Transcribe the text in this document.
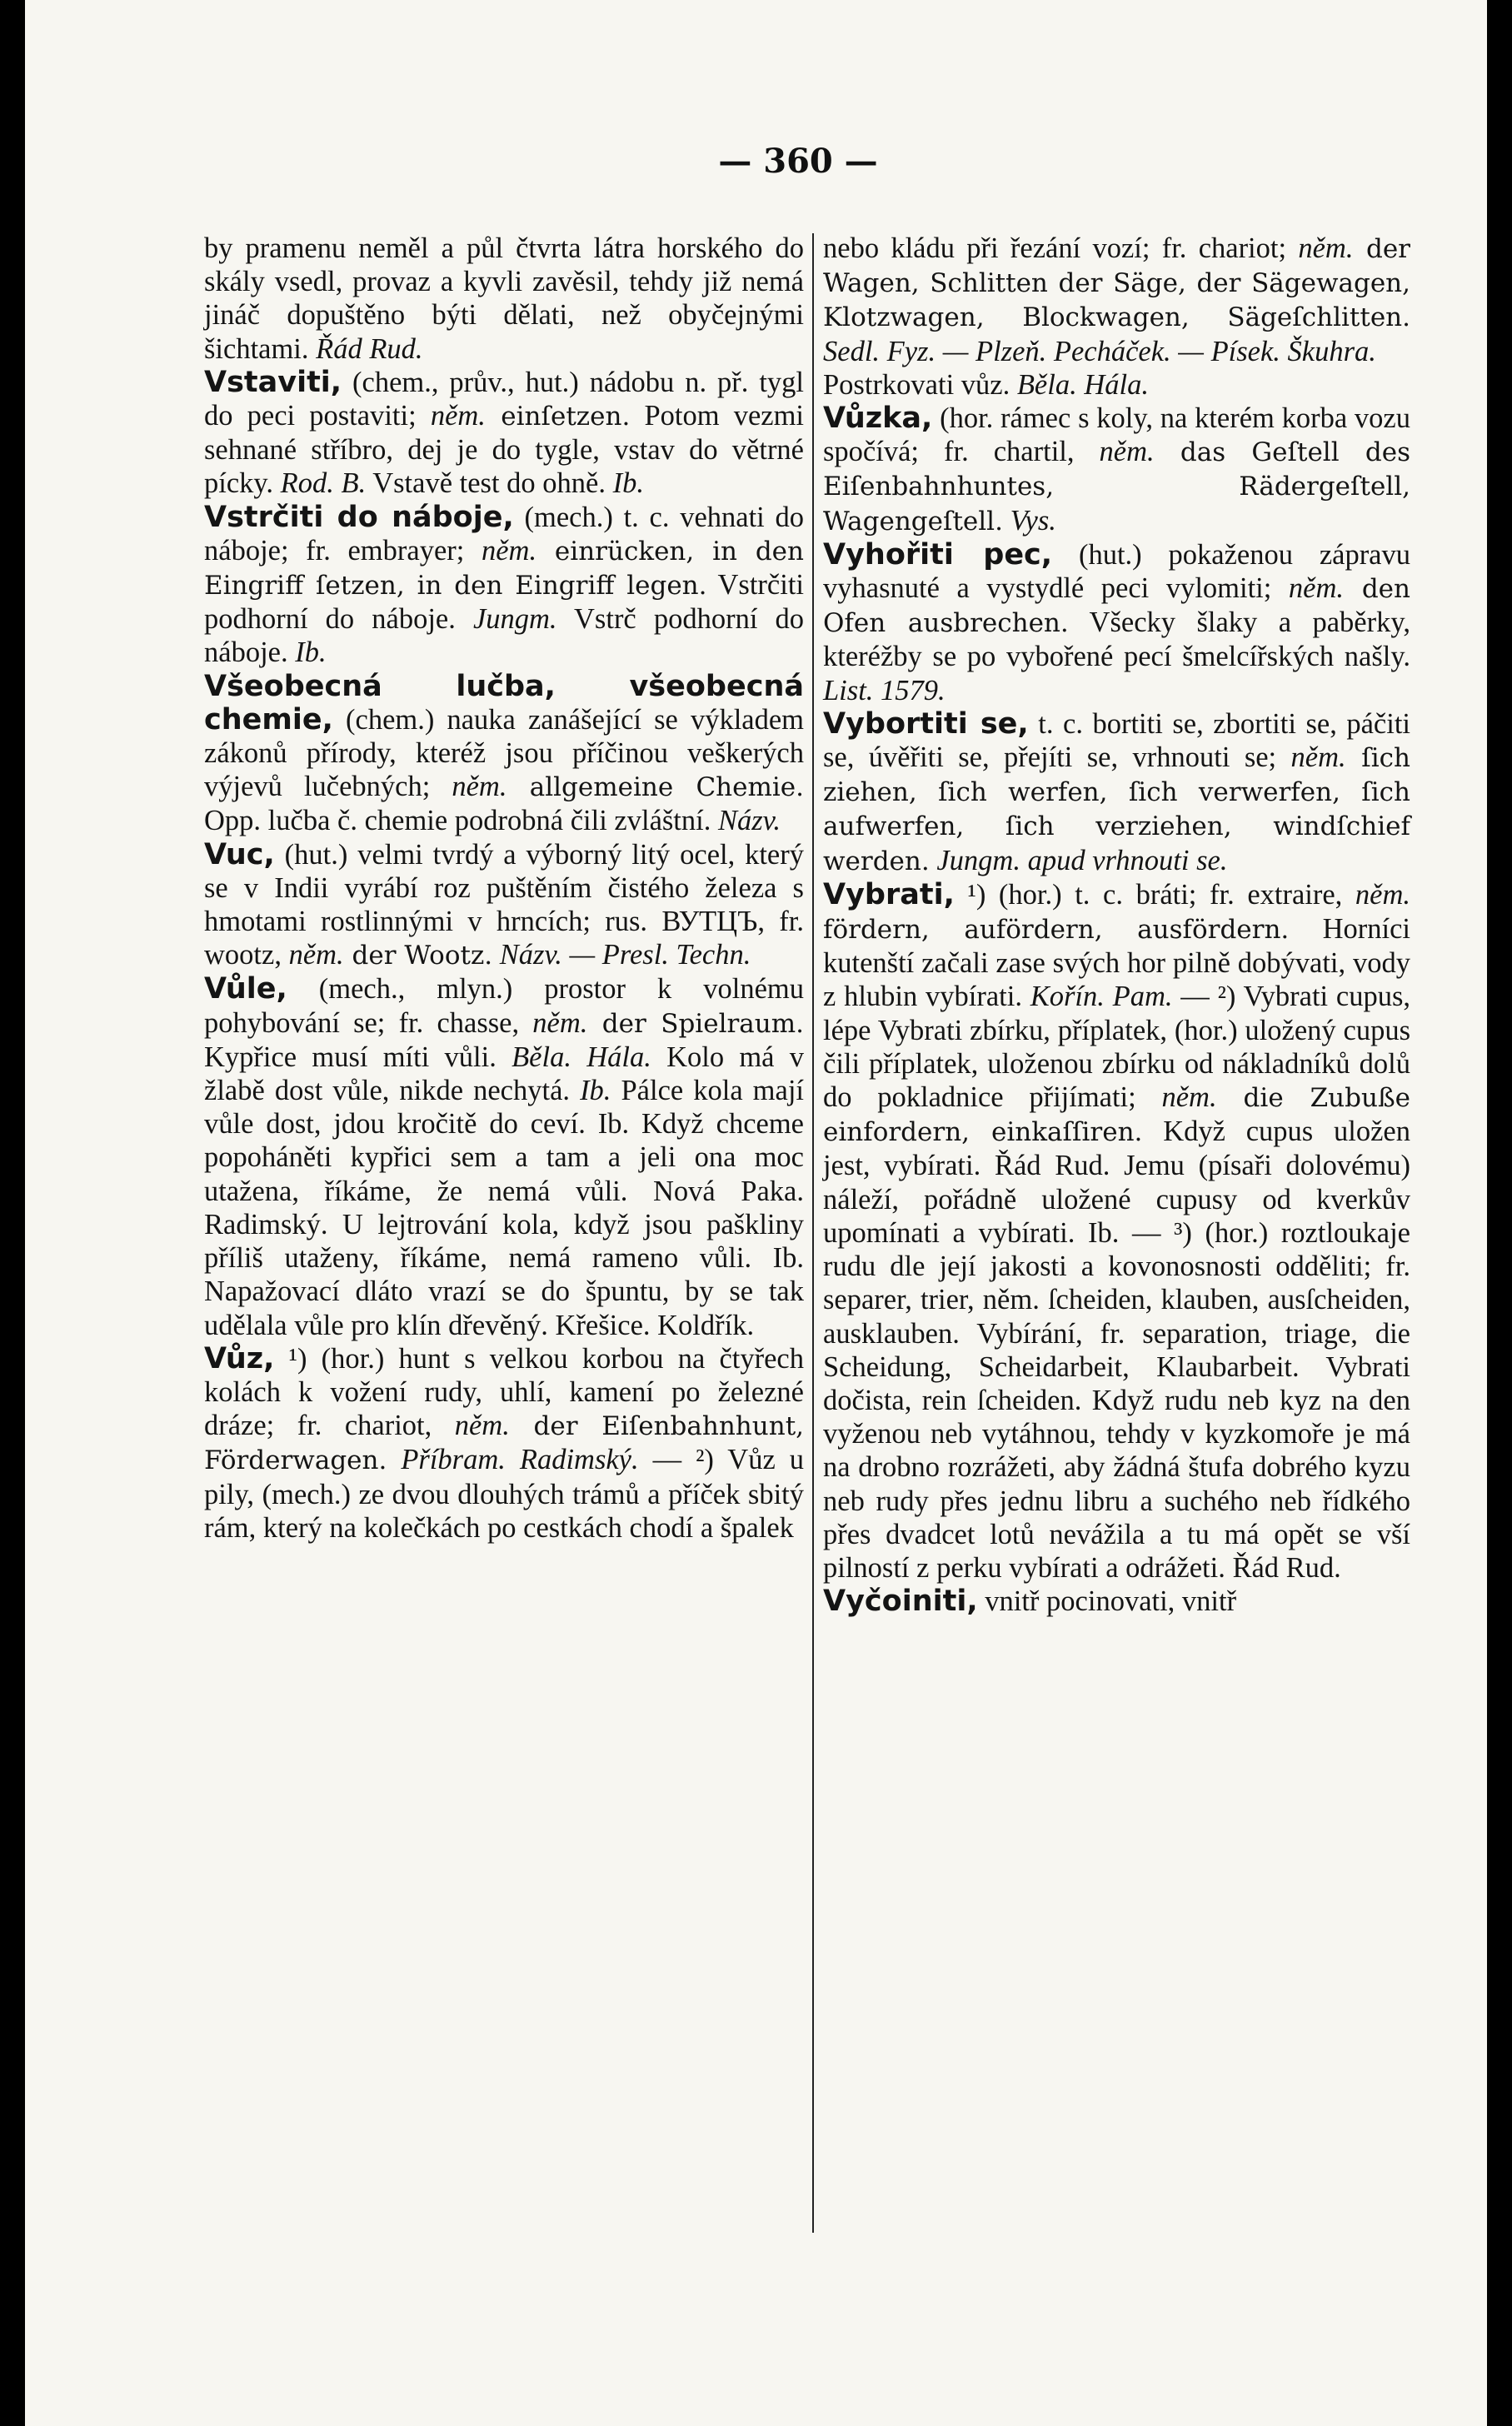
— 360 —

by pramenu neměl a půl čtvrta látra horského do skály vsedl, provaz a kyvli zavěsil, tehdy již nemá jináč dopuštěno býti dělati, než obyčejnými šichtami. Řád Rud.

Vstaviti, (chem., prův., hut.) nádobu n. př. tygl do peci postaviti; něm. einſetzen. Potom vezmi sehnané stříbro, dej je do tygle, vstav do větrné pícky. Rod. B. Vstavě test do ohně. Ib.

Vstrčiti do náboje, (mech.) t. c. vehnati do náboje; fr. embrayer; něm. einrücken, in den Eingriff ſetzen, in den Eingriff legen. Vstrčiti podhorní do náboje. Jungm. Vstrč podhorní do náboje. Ib.

Všeobecná lučba, všeobecná chemie, (chem.) nauka zanášející se výkladem zákonů přírody, kteréž jsou příčinou veškerých výjevů lučebných; něm. allgemeine Chemie. Opp. lučba č. chemie podrobná čili zvláštní. Názv.

Vuc, (hut.) velmi tvrdý a výborný litý ocel, který se v Indii vyrábí roz puštěním čistého železa s hmotami rostlinnými v hrncích; rus. ВУТЦЪ, fr. wootz, něm. der Wootz. Názv. — Presl. Techn.

Vůle, (mech., mlyn.) prostor k volnému pohybování se; fr. chasse, něm. der Spielraum. Kypřice musí míti vůli. Běla. Hála. Kolo má v žlabě dost vůle, nikde nechytá. Ib. Pálce kola mají vůle dost, jdou kročitě do ceví. Ib. Když chceme popoháněti kypřici sem a tam a jeli ona moc utažena, říkáme, že nemá vůli. Nová Paka. Radimský. U lejtrování kola, když jsou paškliny příliš utaženy, říkáme, nemá rameno vůli. Ib. Napažovací dláto vrazí se do špuntu, by se tak udělala vůle pro klín dřevěný. Křešice. Koldřík.

Vůz, ¹) (hor.) hunt s velkou korbou na čtyřech kolách k vožení rudy, uhlí, kamení po železné dráze; fr. chariot, něm. der Eiſenbahnhunt, Förderwagen. Příbram. Radimský. — ²) Vůz u pily, (mech.) ze dvou dlouhých trámů a příček sbitý rám, který na kolečkách po cestkách chodí a špalek

nebo kládu při řezání vozí; fr. chariot; něm. der Wagen, Schlitten der Säge, der Sägewagen, Klotzwagen, Blockwagen, Sägeſchlitten. Sedl. Fyz. — Plzeň. Pecháček. — Písek. Škuhra.

Postrkovati vůz. Běla. Hála.

Vůzka, (hor. rámec s koly, na kterém korba vozu spočívá; fr. chartil, něm. das Geſtell des Eiſenbahnhuntes, Rädergeſtell, Wagengeſtell. Vys.

Vyhořiti pec, (hut.) pokaženou zápravu vyhasnuté a vystydlé peci vylomiti; něm. den Ofen ausbrechen. Všecky šlaky a paběrky, kteréžby se po vybořené pecí šmelcířských našly. List. 1579.

Vybortiti se, t. c. bortiti se, zbortiti se, páčiti se, úvěřiti se, přejíti se, vrhnouti se; něm. ſich ziehen, ſich werfen, ſich verwerfen, ſich aufwerfen, ſich verziehen, windſchief werden. Jungm. apud vrhnouti se.

Vybrati, ¹) (hor.) t. c. bráti; fr. extraire, něm. fördern, aufördern, ausfördern. Horníci kutenští začali zase svých hor pilně dobývati, vody z hlubin vybírati. Kořín. Pam. — ²) Vybrati cupus, lépe Vybrati zbírku, příplatek, (hor.) uložený cupus čili příplatek, uloženou zbírku od nákladníků dolů do pokladnice přijímati; něm. die Zubuße einfordern, einkaſſiren. Když cupus uložen jest, vybírati. Řád Rud. Jemu (písaři dolovému) náleží, pořádně uložené cupusy od kverkův upomínati a vybírati. Ib. — ³) (hor.) roztloukaje rudu dle její jakosti a kovonosnosti odděliti; fr. separer, trier, něm. ſcheiden, klauben, ausſcheiden, ausklauben. Vybírání, fr. separation, triage, die Scheidung, Scheidarbeit, Klaubarbeit. Vybrati dočista, rein ſcheiden. Když rudu neb kyz na den vyženou neb vytáhnou, tehdy v kyzkomoře je má na drobno rozrážeti, aby žádná štufa dobrého kyzu neb rudy přes jednu libru a suchého neb řídkého přes dvadcet lotů nevážila a tu má opět se vší pilností z perku vybírati a odrážeti. Řád Rud.

Vyčoiniti, vnitř pocinovati, vnitř
